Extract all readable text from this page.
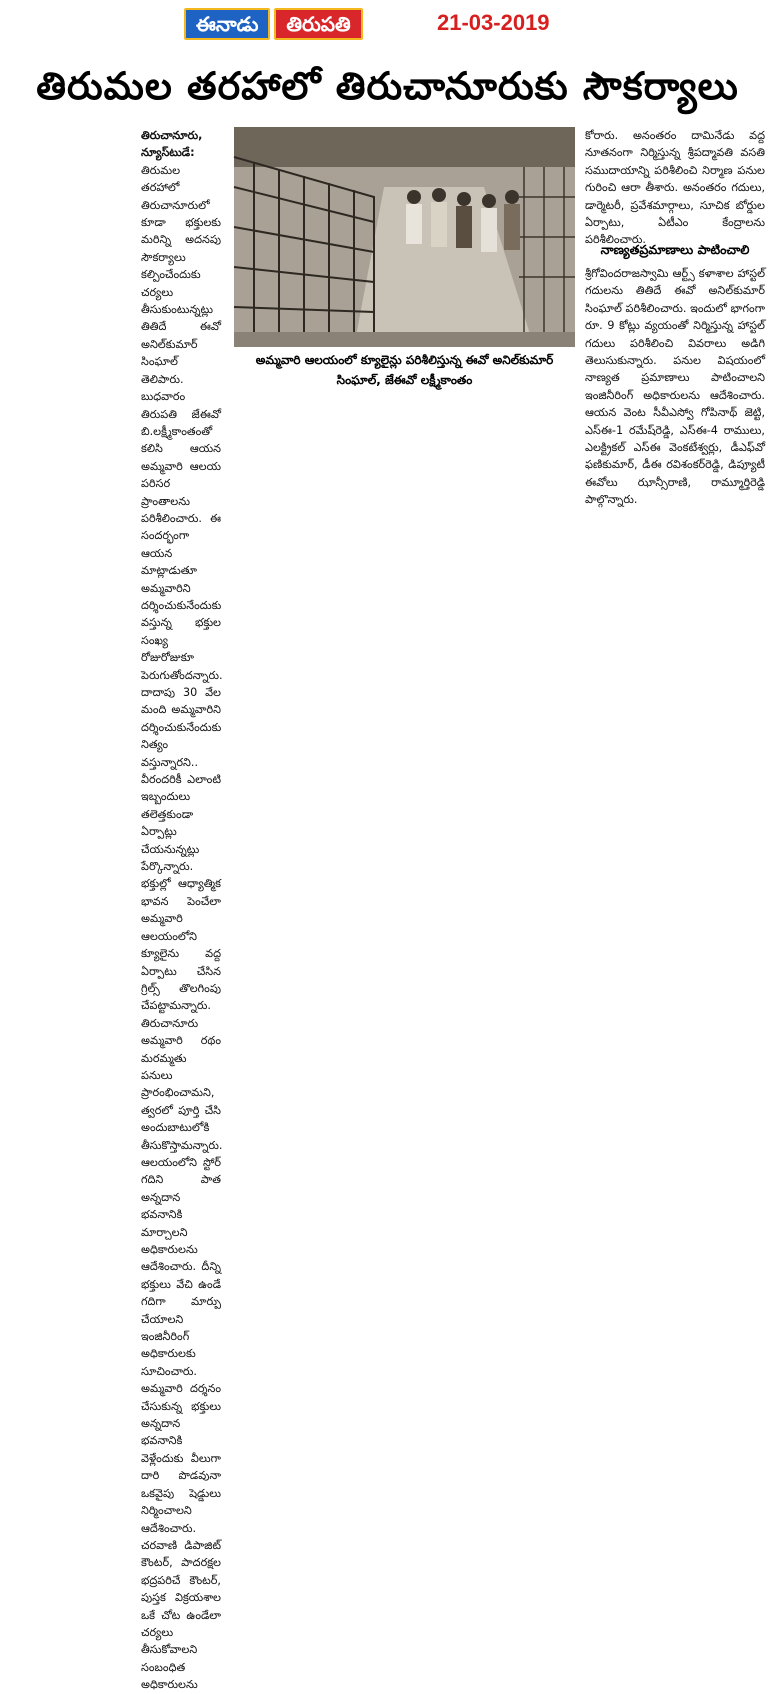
ఈనాడు	తిరుపతి	21-03-2019
తిరుమల తరహాలో తిరుచానూరుకు సౌకర్యాలు

తిరుచానూరు, న్యూస్‌టుడే: తిరుమల తరహాలో తిరుచానూరులో కూడా భక్తులకు మరిన్ని అదనపు సౌకర్యాలు కల్పించేందుకు చర్యలు తీసుకుంటున్నట్లు తితిదే ఈవో అనిల్‌కుమార్ సింఘాల్ తెలిపారు. బుధవారం తిరుపతి జేఈవో బి.లక్ష్మీకాంతంతో కలిసి ఆయన అమ్మవారి ఆలయ పరిసర ప్రాంతాలను పరిశీలించారు. ఈ సందర్భంగా ఆయన మాట్లాడుతూ అమ్మవారిని దర్శించుకునేందుకు వస్తున్న భక్తుల సంఖ్య రోజురోజుకూ పెరుగుతోందన్నారు. దాదాపు 30 వేల మంది అమ్మవారిని దర్శించుకునేందుకు నిత్యం వస్తున్నారని.. వీరందరికీ ఎలాంటి ఇబ్బందులు తలెత్తకుండా ఏర్పాట్లు చేయనున్నట్లు పేర్కొన్నారు. భక్తుల్లో ఆధ్యాత్మిక భావన పెంచేలా అమ్మవారి ఆలయంలోని క్యూలైను వద్ద ఏర్పాటు చేసిన గ్రిల్స్ తొలగింపు చేపట్టామన్నారు. తిరుచానూరు అమ్మవారి రథం మరమ్మతు పనులు ప్రారంభించామని, త్వరలో పూర్తి చేసి అందుబాటులోకి తీసుకొస్తామన్నారు. ఆలయంలోని స్టోర్ గదిని పాత అన్నదాన భవనానికి మార్చాలని అధికారులను ఆదేశించారు. దీన్ని భక్తులు వేచి ఉండే గదిగా మార్పు చేయాలని ఇంజినీరింగ్ అధికారులకు సూచించారు. అమ్మవారి దర్శనం చేసుకున్న భక్తులు అన్నదాన భవనానికి వెళ్లేందుకు వీలుగా దారి పొడవునా ఒకవైపు షెడ్డులు నిర్మించాలని ఆదేశించారు. చరవాణి డిపాజిట్ కౌంటర్, పాదరక్షల భద్రపరిచే కౌంటర్, పుస్తక విక్రయశాల ఒకే చోట ఉండేలా చర్యలు తీసుకోవాలని సంబంధిత అధికారులను

అమ్మవారి ఆలయంలో క్యూలైన్లు పరిశీలిస్తున్న ఈవో అనిల్‌కుమార్ సింఘాల్, జేఈవో లక్ష్మీకాంతం

కోరారు. అనంతరం దామినేడు వద్ద నూతనంగా నిర్మిస్తున్న శ్రీపద్మావతి వసతి సముదాయాన్ని పరిశీలించి నిర్మాణ పనుల గురించి ఆరా తీశారు. అనంతరం గదులు, డార్మెటరీ, ప్రవేశమార్గాలు, సూచిక బోర్డుల ఏర్పాటు, ఏటీఎం కేంద్రాలను పరిశీలించారు.

నాణ్యతప్రమాణాలు పాటించాలి

శ్రీగోవిందరాజస్వామి ఆర్ట్స్ కళాశాల హాస్టల్ గదులను తితిదే ఈవో అనిల్‌కుమార్ సింఘాల్ పరిశీలించారు. ఇందులో భాగంగా రూ. 9 కోట్లు వ్యయంతో నిర్మిస్తున్న హాస్టల్ గదులు పరిశీలించి వివరాలు అడిగి తెలుసుకున్నారు. పనుల విషయంలో నాణ్యత ప్రమాణాలు పాటించాలని ఇంజినీరింగ్ అధికారులను ఆదేశించారు. ఆయన వెంట సీవీఎస్వో గోపినాథ్ జెట్టి, ఎస్ఈ-1 రమేష్‌రెడ్డి, ఎస్ఈ-4 రాములు, ఎలక్ట్రికల్ ఎస్ఈ వెంకటేశ్వర్లు, డీఎఫ్‌వో ఫణికుమార్, డీఈ రవిశంకర్‌రెడ్డి, డిప్యూటీ ఈవోలు ఝాన్సీరాణి, రామ్మూర్తిరెడ్డి పాల్గొన్నారు.
